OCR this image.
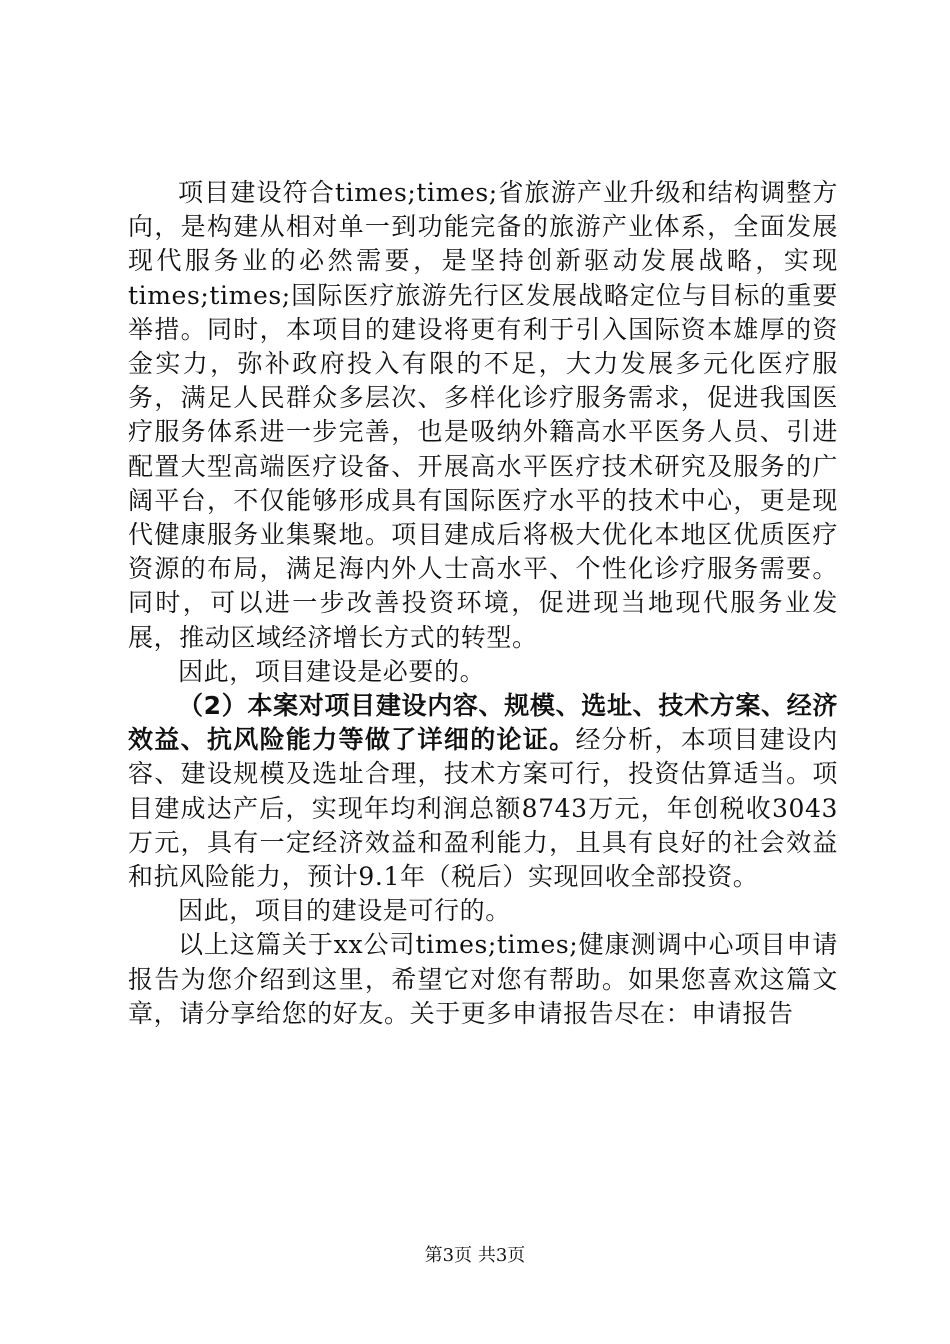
项目建设符合times;times;省旅游产业升级和结构调整方向，是构建从相对单一到功能完备的旅游产业体系，全面发展现代服务业的必然需要，是坚持创新驱动发展战略，实现times;times;国际医疗旅游先行区发展战略定位与目标的重要举措。同时，本项目的建设将更有利于引入国际资本雄厚的资金实力，弥补政府投入有限的不足，大力发展多元化医疗服务，满足人民群众多层次、多样化诊疗服务需求，促进我国医疗服务体系进一步完善，也是吸纳外籍高水平医务人员、引进配置大型高端医疗设备、开展高水平医疗技术研究及服务的广阔平台，不仅能够形成具有国际医疗水平的技术中心，更是现代健康服务业集聚地。项目建成后将极大优化本地区优质医疗资源的布局，满足海内外人士高水平、个性化诊疗服务需要。同时，可以进一步改善投资环境，促进现当地现代服务业发展，推动区域经济增长方式的转型。

因此，项目建设是必要的。

（2）本案对项目建设内容、规模、选址、技术方案、经济效益、抗风险能力等做了详细的论证。经分析，本项目建设内容、建设规模及选址合理，技术方案可行，投资估算适当。项目建成达产后，实现年均利润总额8743万元，年创税收3043万元，具有一定经济效益和盈利能力，且具有良好的社会效益和抗风险能力，预计9.1年（税后）实现回收全部投资。

因此，项目的建设是可行的。

以上这篇关于xx公司times;times;健康测调中心项目申请报告为您介绍到这里，希望它对您有帮助。如果您喜欢这篇文章，请分享给您的好友。关于更多申请报告尽在：申请报告

第3页 共3页
